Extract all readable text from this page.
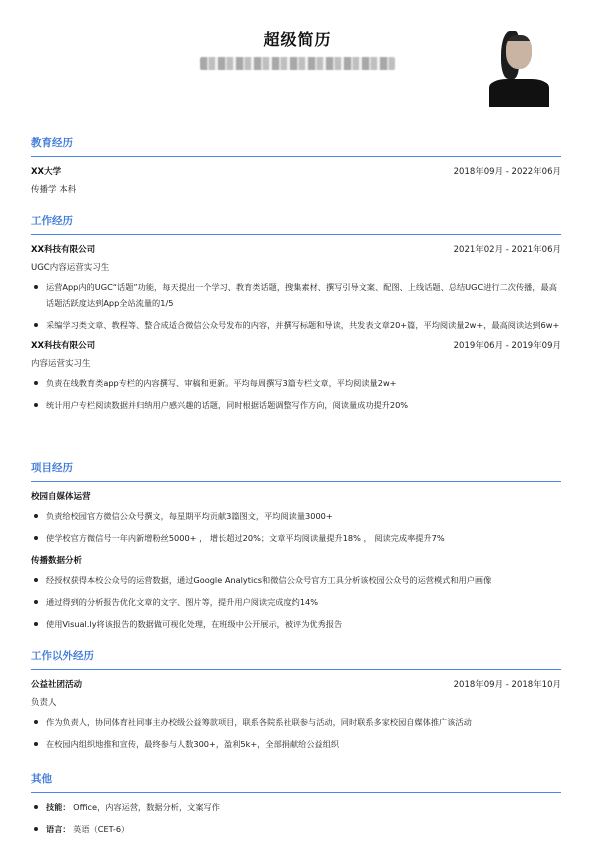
超级简历
教育经历
XX大学	2018年09月 - 2022年06月
传播学 本科
工作经历
XX科技有限公司	2021年02月 - 2021年06月
UGC内容运营实习生
运营App内的UGC“话题”功能，每天提出一个学习、教育类话题，搜集素材、撰写引导文案、配图、上线话题、总结UGC进行二次传播，最高话题活跃度达到App全站流量的1/5
采编学习类文章、教程等、整合成适合微信公众号发布的内容，并撰写标题和导读，共发表文章20+篇，平均阅读量2w+，最高阅读达到6w+
XX科技有限公司	2019年06月 - 2019年09月
内容运营实习生
负责在线教育类app专栏的内容撰写、审稿和更新。平均每周撰写3篇专栏文章，平均阅读量2w+
统计用户专栏阅读数据并归纳用户感兴趣的话题，同时根据话题调整写作方向，阅读量成功提升20%
项目经历
校园自媒体运营
负责给校园官方微信公众号撰文，每星期平均贡献3篇图文，平均阅读量3000+
使学校官方微信号一年内新增粉丝5000+ ， 增长超过20%；文章平均阅读量提升18% ， 阅读完成率提升7%
传播数据分析
经授权获得本校公众号的运营数据，通过Google Analytics和微信公众号官方工具分析该校园公众号的运营模式和用户画像
通过得到的分析报告优化文章的文字、图片等，提升用户阅读完成度约14%
使用Visual.ly将该报告的数据做可视化处理，在班级中公开展示，被评为优秀报告
工作以外经历
公益社团活动	2018年09月 - 2018年10月
负责人
作为负责人，协同体育社同事主办校级公益筹款项目，联系各院系社联参与活动，同时联系多家校园自媒体推广该活动
在校园内组织地推和宣传，最终参与人数300+，盈利5k+，全部捐献给公益组织
其他
技能： Office，内容运营，数据分析，文案写作
语言： 英语（CET-6）
